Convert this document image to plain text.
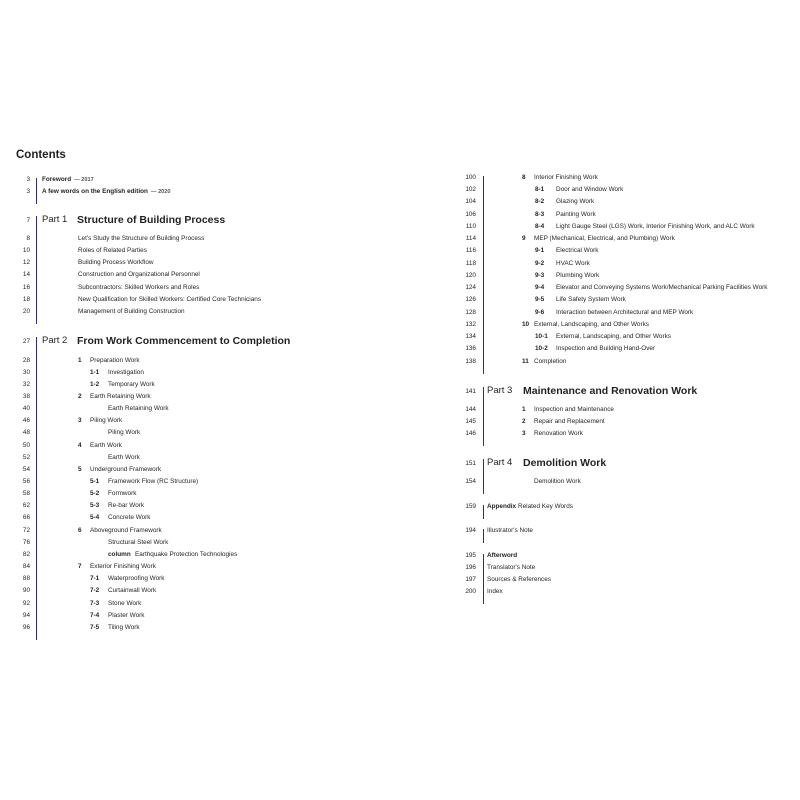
Contents
3 Foreword — 2017
3 A few words on the English edition — 2020
7 Part 1 Structure of Building Process
8	Let's Study the Structure of Building Process
10	Roles of Related Parties
12	Building Process Workflow
14	Construction and Organizational Personnel
16	Subcontractors: Skilled Workers and Roles
18	New Qualification for Skilled Workers: Certified Core Technicians
20	Management of Building Construction
27 Part 2 From Work Commencement to Completion
28	1 Preparation Work
30	1-1 Investigation
32	1-2 Temporary Work
38	2 Earth Retaining Work
40	Earth Retaining Work
46	3 Piling Work
48	Piling Work
50	4 Earth Work
52	Earth Work
54	5 Underground Framework
56	5-1 Framework Flow (RC Structure)
58	5-2 Formwork
62	5-3 Re-bar Work
66	5-4 Concrete Work
72	6 Aboveground Framework
76	Structural Steel Work
82	column Earthquake Protection Technologies
84	7 Exterior Finishing Work
88	7-1 Waterproofing Work
90	7-2 Curtainwall Work
92	7-3 Stone Work
94	7-4 Plaster Work
96	7-5 Tiling Work
100	8 Interior Finishing Work
102	8-1 Door and Window Work
104	8-2 Glazing Work
106	8-3 Painting Work
110	8-4 Light Gauge Steel (LGS) Work, Interior Finishing Work, and ALC Work
114	9 MEP (Mechanical, Electrical, and Plumbing) Work
116	9-1 Electrical Work
118	9-2 HVAC Work
120	9-3 Plumbing Work
124	9-4 Elevator and Conveying Systems Work/Mechanical Parking Facilities Work
126	9-5 Life Safety System Work
128	9-6 Interaction between Architectural and MEP Work
132	10 External, Landscaping, and Other Works
134	10-1 External, Landscaping, and Other Works
136	10-2 Inspection and Building Hand-Over
138	11 Completion
141 Part 3 Maintenance and Renovation Work
144	1 Inspection and Maintenance
145	2 Repair and Replacement
146	3 Renovation Work
151 Part 4 Demolition Work
154	Demolition Work
159 Appendix Related Key Words
194 Illustrator's Note
195 Afterword
196 Translator's Note
197 Sources & References
200 Index
